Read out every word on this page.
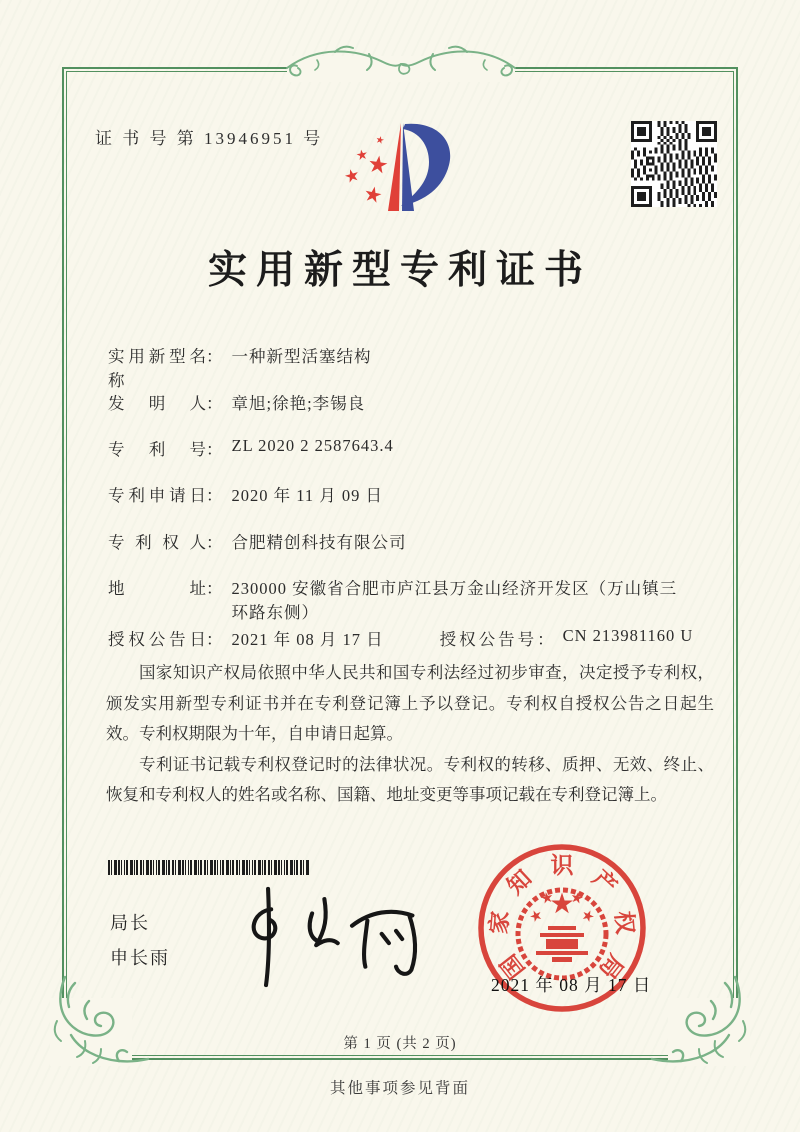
证 书 号 第 13946951 号
实用新型专利证书
实用新型名称
： 一种新型活塞结构
发明人 ： 章旭;徐艳;李锡良
专利号 ： ZL 2020 2 2587643.4
专利申请日 ： 2020 年 11 月 09 日
专利权人 ： 合肥精创科技有限公司
地址 ： 230000 安徽省合肥市庐江县万金山经济开发区（万山镇三环路东侧）
授权公告日 ： 2021 年 08 月 17 日	授权公告号 ： CN 213981160 U

国家知识产权局依照中华人民共和国专利法经过初步审查，决定授予专利权，颁发实用新型专利证书并在专利登记簿上予以登记。专利权自授权公告之日起生效。专利权期限为十年，自申请日起算。

专利证书记载专利权登记时的法律状况。专利权的转移、质押、无效、终止、恢复和专利权人的姓名或名称、国籍、地址变更等事项记载在专利登记簿上。

局长
申长雨	国
家
知 识 产
权
局
2021 年 08 月 17 日
第 1 页 (共 2 页)
其他事项参见背面
